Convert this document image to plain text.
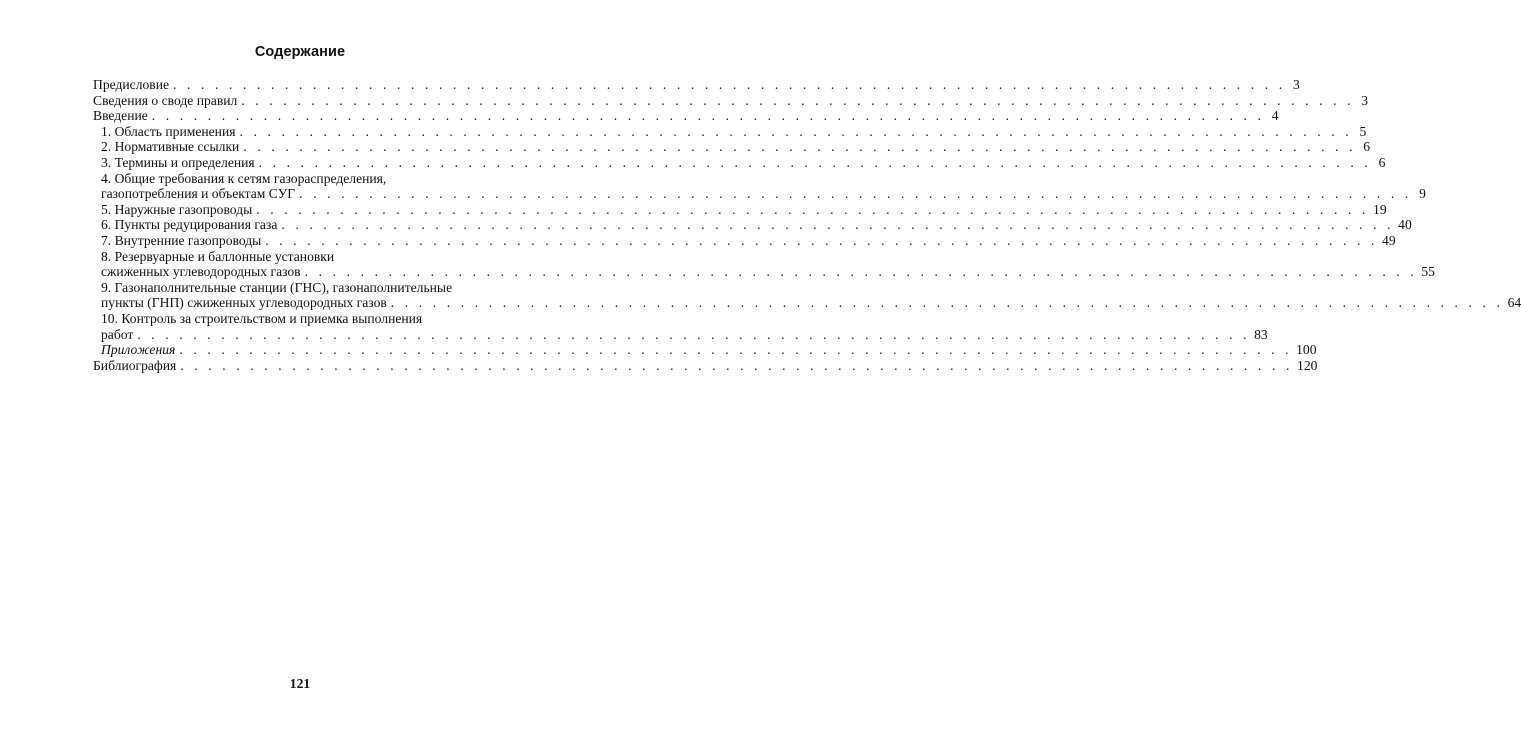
Содержание
Предисловие . . . . . . . . . . . . . . . . . . . . . . . . . . . . . . . . . . . . . . . . . . . . . . . . . . . . . . . . . . . . . . . . . . . . . . . . . . . . . . . . 3
Сведения о своде правил . . . . . . . . . . . . . . . . . . . . . . . . . . . . . . . . . . . . . . . . . . . . . . . . . . . . . . . . . . . . . . . . . . . . . . . . . . . . . . . . 3
Введение . . . . . . . . . . . . . . . . . . . . . . . . . . . . . . . . . . . . . . . . . . . . . . . . . . . . . . . . . . . . . . . . . . . . . . . . . . . . . . . . 4
1. Область применения . . . . . . . . . . . . . . . . . . . . . . . . . . . . . . . . . . . . . . . . . . . . . . . . . . . . . . . . . . . . . . . . . . . . . . . . . . . . . . . . 5
2. Нормативные ссылки . . . . . . . . . . . . . . . . . . . . . . . . . . . . . . . . . . . . . . . . . . . . . . . . . . . . . . . . . . . . . . . . . . . . . . . . . . . . . . . . 6
3. Термины и определения . . . . . . . . . . . . . . . . . . . . . . . . . . . . . . . . . . . . . . . . . . . . . . . . . . . . . . . . . . . . . . . . . . . . . . . . . . . . . . . . 6
4. Общие требования к сетям газораспределения,
газопотребления и объектам СУГ . . . . . . . . . . . . . . . . . . . . . . . . . . . . . . . . . . . . . . . . . . . . . . . . . . . . . . . . . . . . . . . . . . . . . . . . . . . . . . . . 9
5. Наружные газопроводы . . . . . . . . . . . . . . . . . . . . . . . . . . . . . . . . . . . . . . . . . . . . . . . . . . . . . . . . . . . . . . . . . . . . . . . . . . . . . . . . 19
6. Пункты редуцирования газа . . . . . . . . . . . . . . . . . . . . . . . . . . . . . . . . . . . . . . . . . . . . . . . . . . . . . . . . . . . . . . . . . . . . . . . . . . . . . . . . 40
7. Внутренние газопроводы . . . . . . . . . . . . . . . . . . . . . . . . . . . . . . . . . . . . . . . . . . . . . . . . . . . . . . . . . . . . . . . . . . . . . . . . . . . . . . . . 49
8. Резервуарные и баллонные установки
сжиженных углеводородных газов . . . . . . . . . . . . . . . . . . . . . . . . . . . . . . . . . . . . . . . . . . . . . . . . . . . . . . . . . . . . . . . . . . . . . . . . . . . . . . . . 55
9. Газонаполнительные станции (ГНС), газонаполнительные
пункты (ГНП) сжиженных углеводородных газов . . . . . . . . . . . . . . . . . . . . . . . . . . . . . . . . . . . . . . . . . . . . . . . . . . . . . . . . . . . . . . . . . . . . . . . . . . . . . . . . 64
10. Контроль за строительством и приемка выполнения
работ . . . . . . . . . . . . . . . . . . . . . . . . . . . . . . . . . . . . . . . . . . . . . . . . . . . . . . . . . . . . . . . . . . . . . . . . . . . . . . . . 83
Приложения . . . . . . . . . . . . . . . . . . . . . . . . . . . . . . . . . . . . . . . . . . . . . . . . . . . . . . . . . . . . . . . . . . . . . . . . . . . . . . . . 100
Библиография . . . . . . . . . . . . . . . . . . . . . . . . . . . . . . . . . . . . . . . . . . . . . . . . . . . . . . . . . . . . . . . . . . . . . . . . . . . . . . . . 120
121
